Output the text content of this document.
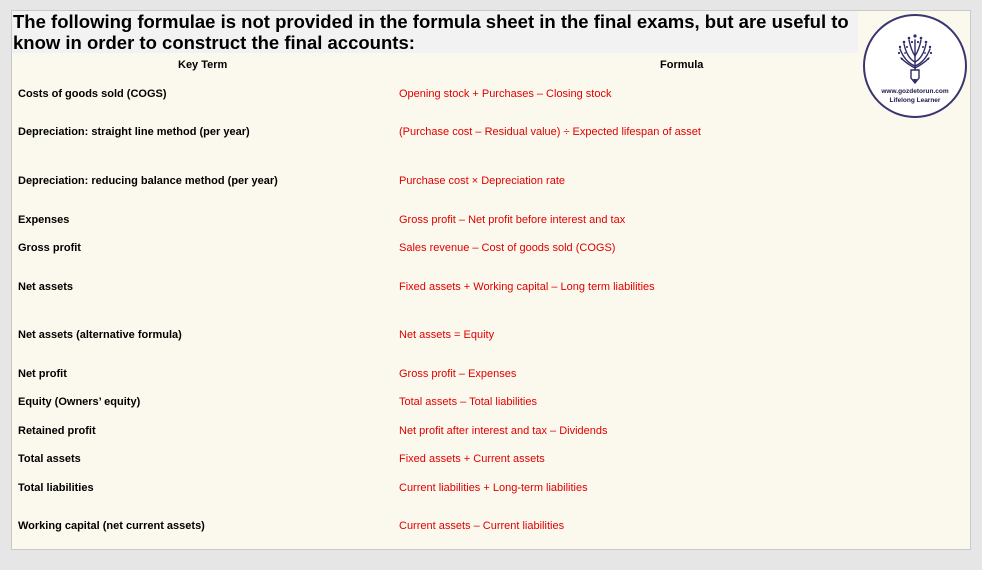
The following formulae is not provided in the formula sheet in the final exams, but are useful to know in order to construct the final accounts:
www.gozdetorun.com
Lifelong Learner
Key Term	Formula
Costs of goods sold (COGS)	Opening stock + Purchases – Closing stock
Depreciation: straight line method (per year)	(Purchase cost – Residual value) ÷ Expected lifespan of asset
Depreciation: reducing balance method (per year)	Purchase cost × Depreciation rate
Expenses	Gross profit – Net profit before interest and tax
Gross profit	Sales revenue – Cost of goods sold (COGS)
Net assets	Fixed assets + Working capital – Long term liabilities
Net assets (alternative formula)	Net assets = Equity
Net profit	Gross profit – Expenses
Equity (Owners’ equity)	Total assets – Total liabilities
Retained profit	Net profit after interest and tax – Dividends
Total assets	Fixed assets + Current assets
Total liabilities	Current liabilities + Long-term liabilities
Working capital (net current assets)	Current assets – Current liabilities
